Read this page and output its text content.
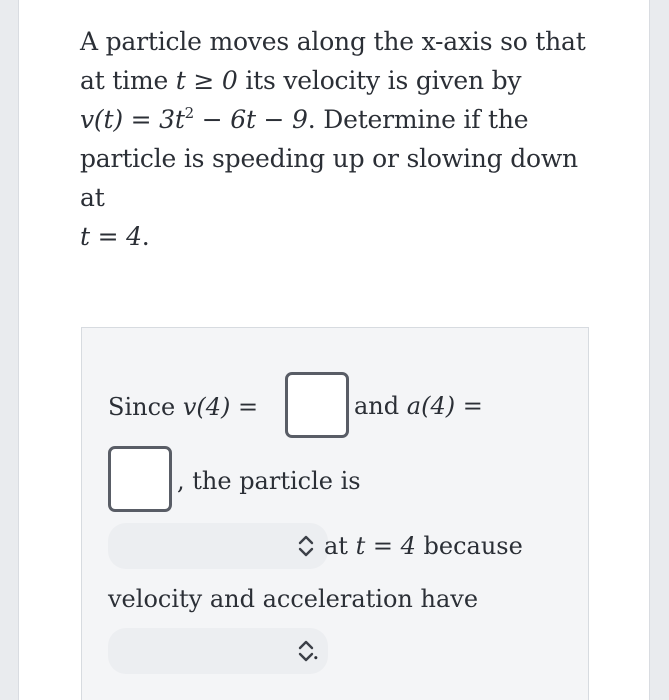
A particle moves along the x-axis so that
at time t ≥ 0 its velocity is given by
$v(t) = 3t^2 - 6t - 9$. Determine if the
particle is speeding up or slowing down at
t = 4.
Since v(4) =	and a(4) =
, the particle is
at t = 4 because
velocity and acceleration have
.
